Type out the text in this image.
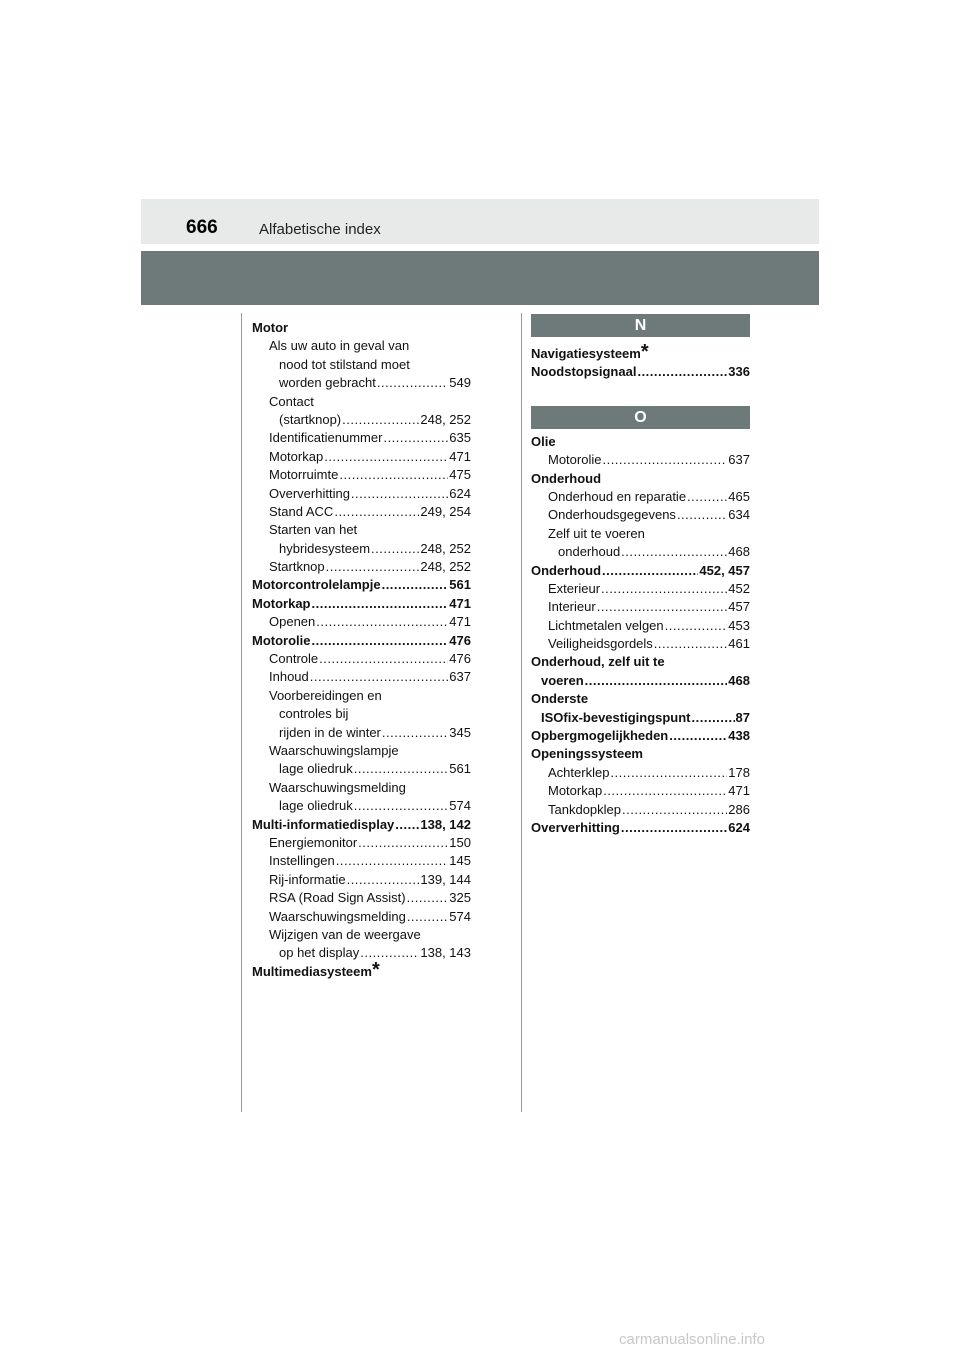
666	Alfabetische index
Motor
Als uw auto in geval van
nood tot stilstand moet
worden gebracht .....	549
Contact
(startknop) .....	248, 252
Identificatienummer .....	635
Motorkap .....	471
Motorruimte .....	475
Oververhitting .....	624
Stand ACC .....	249, 254
Starten van het
hybridesysteem .....	248, 252
Startknop .....	248, 252
Motorcontrolelampje .....	561
Motorkap .....	471
Openen .....	471
Motorolie .....	476
Controle .....	476
Inhoud .....	637
Voorbereidingen en
controles bij
rijden in de winter .....	345
Waarschuwingslampje
lage oliedruk .....	561
Waarschuwingsmelding
lage oliedruk .....	574
Multi-informatiedisplay ..... 138, 142
Energiemonitor .....	150
Instellingen .....	145
Rij-informatie .....	139, 144
RSA (Road Sign Assist) .....	325
Waarschuwingsmelding .....	574
Wijzigen van de weergave
op het display .....	138, 143
Multimediasysteem *
N
Navigatiesysteem *
Noodstopsignaal .....	336
O
Olie
Motorolie .....	637
Onderhoud
Onderhoud en reparatie .....	465
Onderhoudsgegevens .....	634
Zelf uit te voeren
onderhoud .....	468
Onderhoud .....	452, 457
Exterieur .....	452
Interieur .....	457
Lichtmetalen velgen .....	453
Veiligheidsgordels .....	461
Onderhoud, zelf uit te
voeren .....	468
Onderste
ISOfix-bevestigingspunt .....	87
Opbergmogelijkheden .....	438
Openingssysteem
Achterklep .....	178
Motorkap .....	471
Tankdopklep .....	286
Oververhitting .....	624
carmanualsonline.info
